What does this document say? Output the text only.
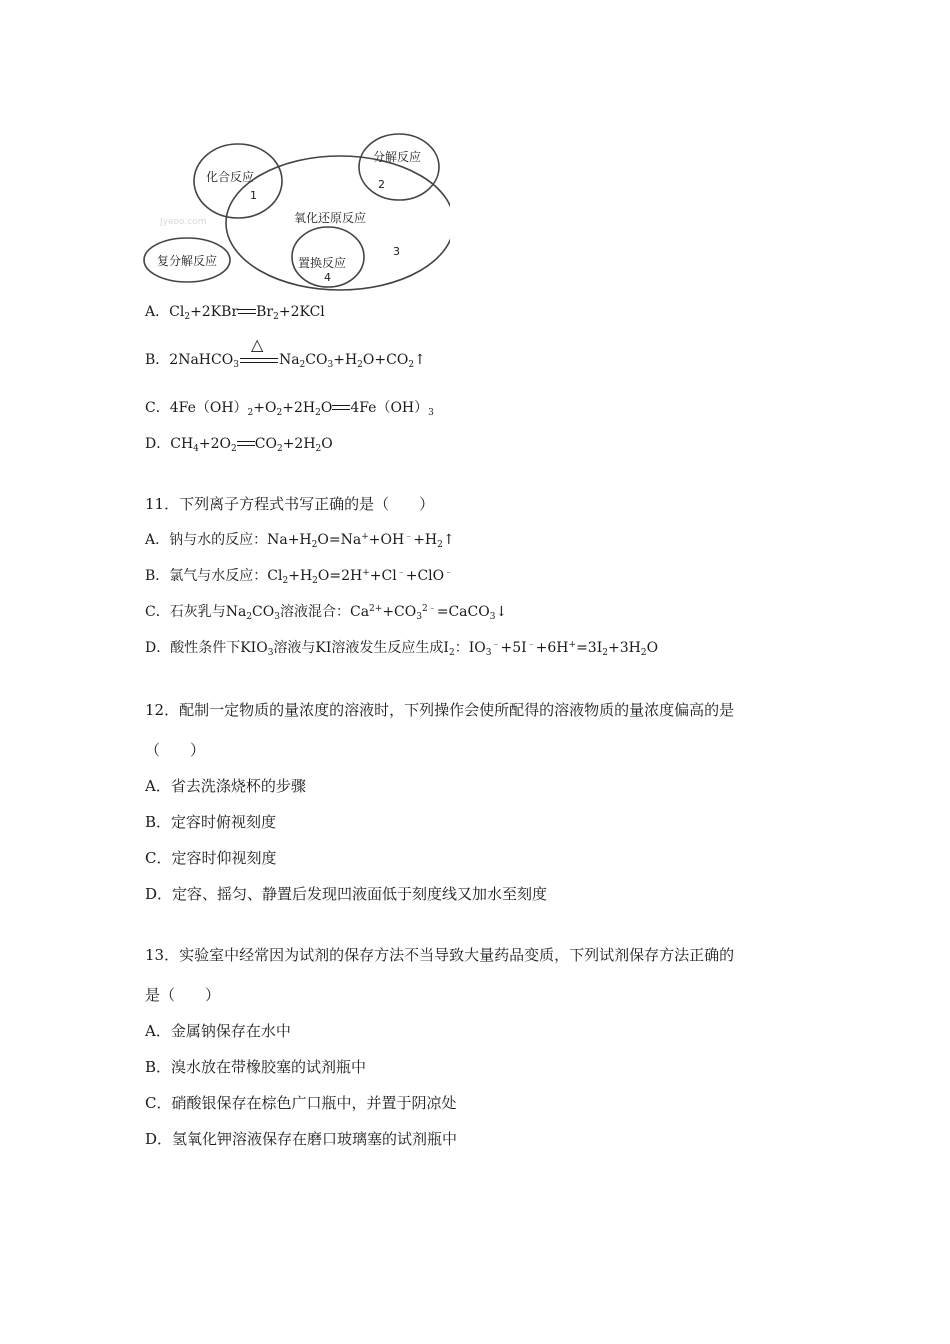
Jyeoo.com
化合反应
1
分解反应
2
氧化还原反应
3
置换反应
4
复分解反应
A．$Cl_2+2KBr$ $Br_2+2KCl$
B．2NaHCO$_3$
△
$Na_2CO_3+H_2O+CO_2↑$
C．$4Fe(OH)_2+O_2+2H_2O$ $4Fe(OH)_3$
D．$CH_4+2O_2$ $CO_2+2H_2O$
11．下列离子方程式书写正确的是（　　）
A．钠与水的反应：$Na+H_2O=Na^++OH^﹣+H_2↑$
B．氯气与水反应：$Cl_2+H_2O=2H^++Cl^﹣+ClO^﹣$
C．石灰乳与$Na_2CO_3$溶液混合：$Ca^{2+}+CO_3^{2﹣}=CaCO_3↓$
D．酸性条件下$KIO_3$溶液与KI溶液发生反应生成$I_2$：$IO_3^﹣+5I^﹣+6H^+=3I_2+3H_2O$
12．配制一定物质的量浓度的溶液时，下列操作会使所配得的溶液物质的量浓度偏高的是
（　　）
A．省去洗涤烧杯的步骤
B．定容时俯视刻度
C．定容时仰视刻度
D．定容、摇匀、静置后发现凹液面低于刻度线又加水至刻度
13．实验室中经常因为试剂的保存方法不当导致大量药品变质，下列试剂保存方法正确的
是（　　）
A．金属钠保存在水中
B．溴水放在带橡胶塞的试剂瓶中
C．硝酸银保存在棕色广口瓶中，并置于阴凉处
D．氢氧化钾溶液保存在磨口玻璃塞的试剂瓶中
